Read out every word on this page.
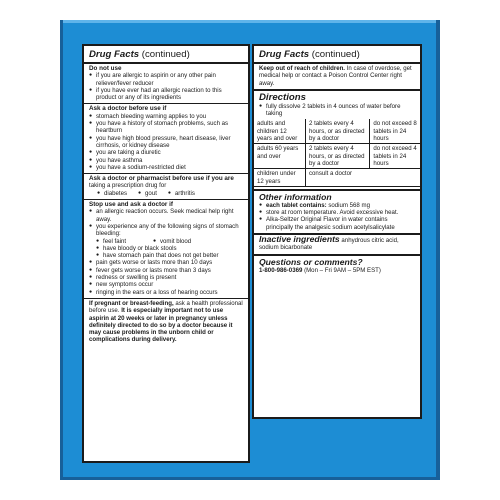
Drug Facts (continued)
Do not use
● if you are allergic to aspirin or any other pain reliever/fever reducer
● if you have ever had an allergic reaction to this product or any of its ingredients
Ask a doctor before use if
● stomach bleeding warning applies to you
● you have a history of stomach problems, such as heartburn
● you have high blood pressure, heart disease, liver cirrhosis, or kidney disease
● you are taking a diuretic
● you have asthma
● you have a sodium-restricted diet
Ask a doctor or pharmacist before use if you are
taking a prescription drug for
● diabetes	● gout	● arthritis
Stop use and ask a doctor if
● an allergic reaction occurs. Seek medical help right away.
● you experience any of the following signs of stomach bleeding:
● feel faint	● vomit blood
● have bloody or black stools
● have stomach pain that does not get better
● pain gets worse or lasts more than 10 days
● fever gets worse or lasts more than 3 days
● redness or swelling is present
● new symptoms occur
● ringing in the ears or a loss of hearing occurs
If pregnant or breast-feeding, ask a health professional before use. It is especially important not to use aspirin at 20 weeks or later in pregnancy unless definitely directed to do so by a doctor because it may cause problems in the unborn child or complications during delivery.
Drug Facts (continued)
Keep out of reach of children. In case of overdose, get medical help or contact a Poison Control Center right away.
Directions
● fully dissolve 2 tablets in 4 ounces of water before taking
adults and children 12 years and over	2 tablets every 4 hours, or as directed by a doctor	do not exceed 8 tablets in 24 hours
adults 60 years and over	2 tablets every 4 hours, or as directed by a doctor	do not exceed 4 tablets in 24 hours
children under 12 years	consult a doctor	
Other information
● each tablet contains: sodium 568 mg
● store at room temperature. Avoid excessive heat.
● Alka-Seltzer Original Flavor in water contains principally the analgesic sodium acetylsalicylate
Inactive ingredients anhydrous citric acid, sodium bicarbonate
Questions or comments?
1-800-986-0369 (Mon – Fri 9AM – 5PM EST)
